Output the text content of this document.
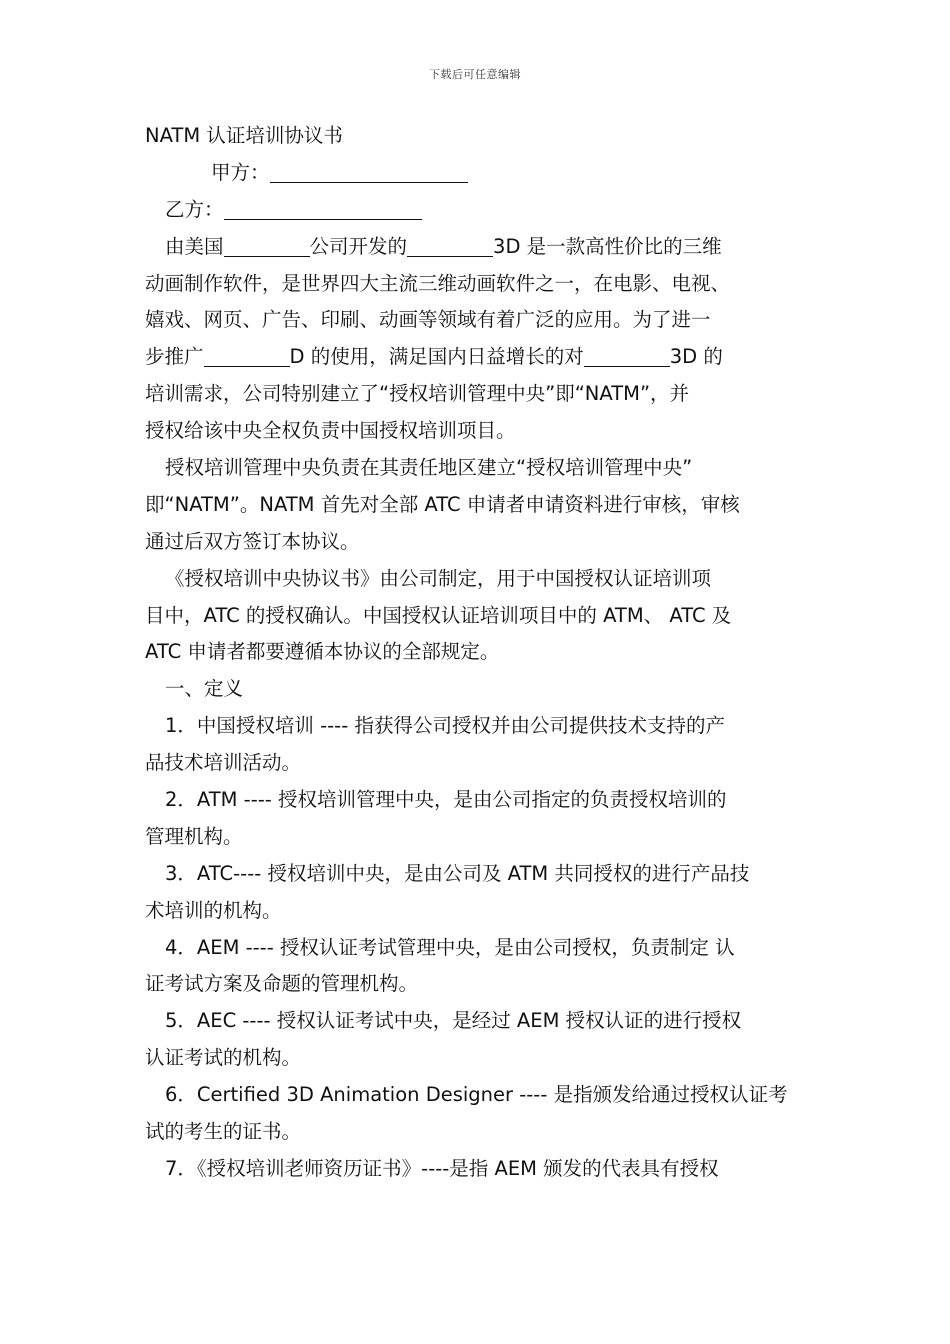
下载后可任意编辑
NATM 认证培训协议书
甲方：
乙方：
由美国	公司开发的	3D 是一款高性价比的三维
动画制作软件，是世界四大主流三维动画软件之一，在电影、电视、
嬉戏、网页、广告、印刷、动画等领域有着广泛的应用。为了进一
步推广	D 的使用，满足国内日益增长的对	3D 的
培训需求，公司特别建立了“授权培训管理中央”即“NATM”，并
授权给该中央全权负责中国授权培训项目。
授权培训管理中央负责在其责任地区建立“授权培训管理中央”
即“NATM”。NATM 首先对全部 ATC 申请者申请资料进行审核，审核
通过后双方签订本协议。
《授权培训中央协议书》由公司制定，用于中国授权认证培训项
目中，ATC 的授权确认。中国授权认证培训项目中的 ATM、 ATC 及
ATC 申请者都要遵循本协议的全部规定。
一、定义
1．中国授权培训 ---- 指获得公司授权并由公司提供技术支持的产
品技术培训活动。
2．ATM ---- 授权培训管理中央，是由公司指定的负责授权培训的
管理机构。
3．ATC---- 授权培训中央，是由公司及 ATM 共同授权的进行产品技
术培训的机构。
4．AEM ---- 授权认证考试管理中央，是由公司授权，负责制定 认
证考试方案及命题的管理机构。
5．AEC ---- 授权认证考试中央，是经过 AEM 授权认证的进行授权
认证考试的机构。
6．Certified 3D Animation Designer ---- 是指颁发给通过授权认证考
试的考生的证书。
7．《授权培训老师资历证书》----是指 AEM 颁发的代表具有授权
